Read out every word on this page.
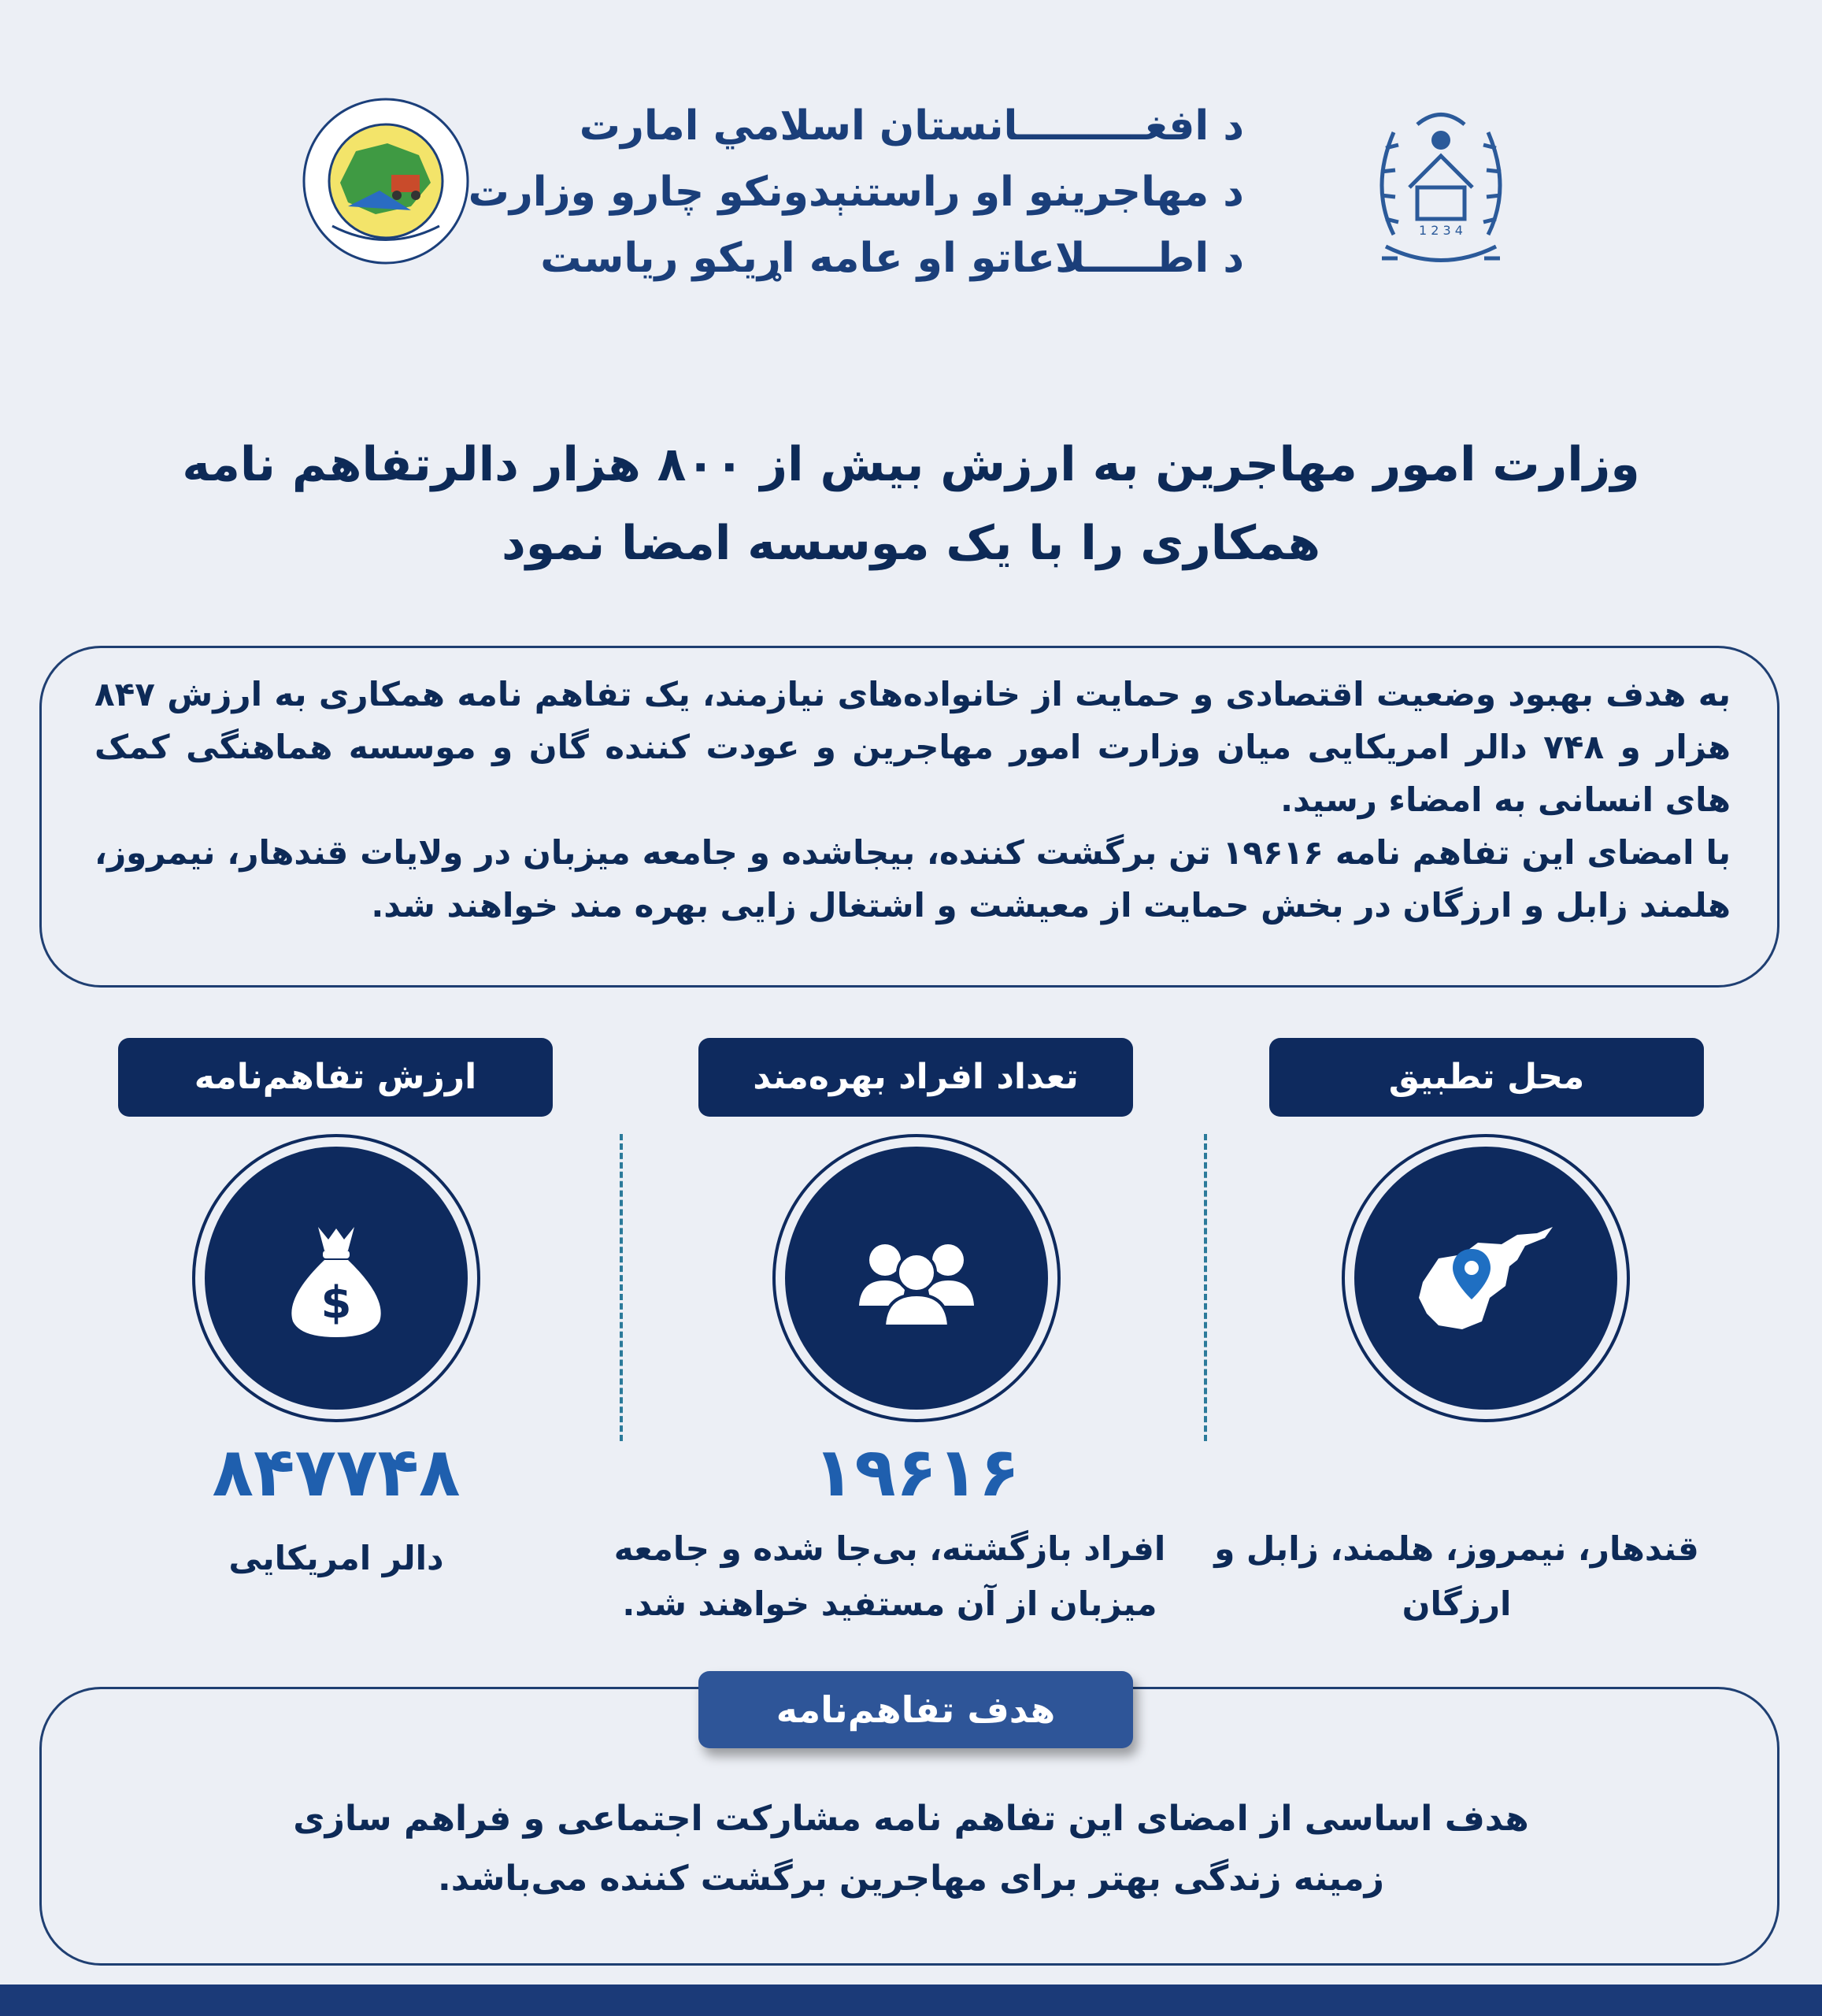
د افغـــــــــانستان اسلامي امارت
د مهاجرينو او راستنېدونکو چارو وزارت
د اطـــــلاعاتو او عامه اړيکو رياست
1 2 3 4
وزارت امور مهاجرین به ارزش بیش از ۸۰۰ هزار دالرتفاهم نامه
همکاری را با یک موسسه امضا نمود

به هدف بهبود وضعیت اقتصادی و حمایت از خانواده‌های نیازمند، یک تفاهم نامه همکاری به ارزش ۸۴۷ هزار و ۷۴۸ دالر امریکایی میان وزارت امور مهاجرین و عودت کننده گان و موسسه هماهنگی کمک های انسانی به امضاء رسید.

با امضای این تفاهم نامه ۱۹۶۱۶ تن برگشت کننده، بیجاشده و جامعه میزبان در ولایات قندهار، نیمروز، هلمند زابل و ارزگان در بخش حمایت از معیشت و اشتغال زایی بهره مند خواهند شد.

محل تطبیق
تعداد افراد بهره‌مند
ارزش تفاهم‌نامه
$
۸۴۷۷۴۸	۱۹۶۱۶
دالر امریکایی	افراد بازگشته، بی‌جا شده و جامعه
میزبان از آن مستفید خواهند شد.
قندهار، نیمروز، هلمند، زابل و
ارزگان
هدف تفاهم‌نامه
هدف اساسی از امضای این تفاهم نامه مشارکت اجتماعی و فراهم سازی
زمینه زندگی بهتر برای مهاجرین برگشت کننده می‌باشد.
